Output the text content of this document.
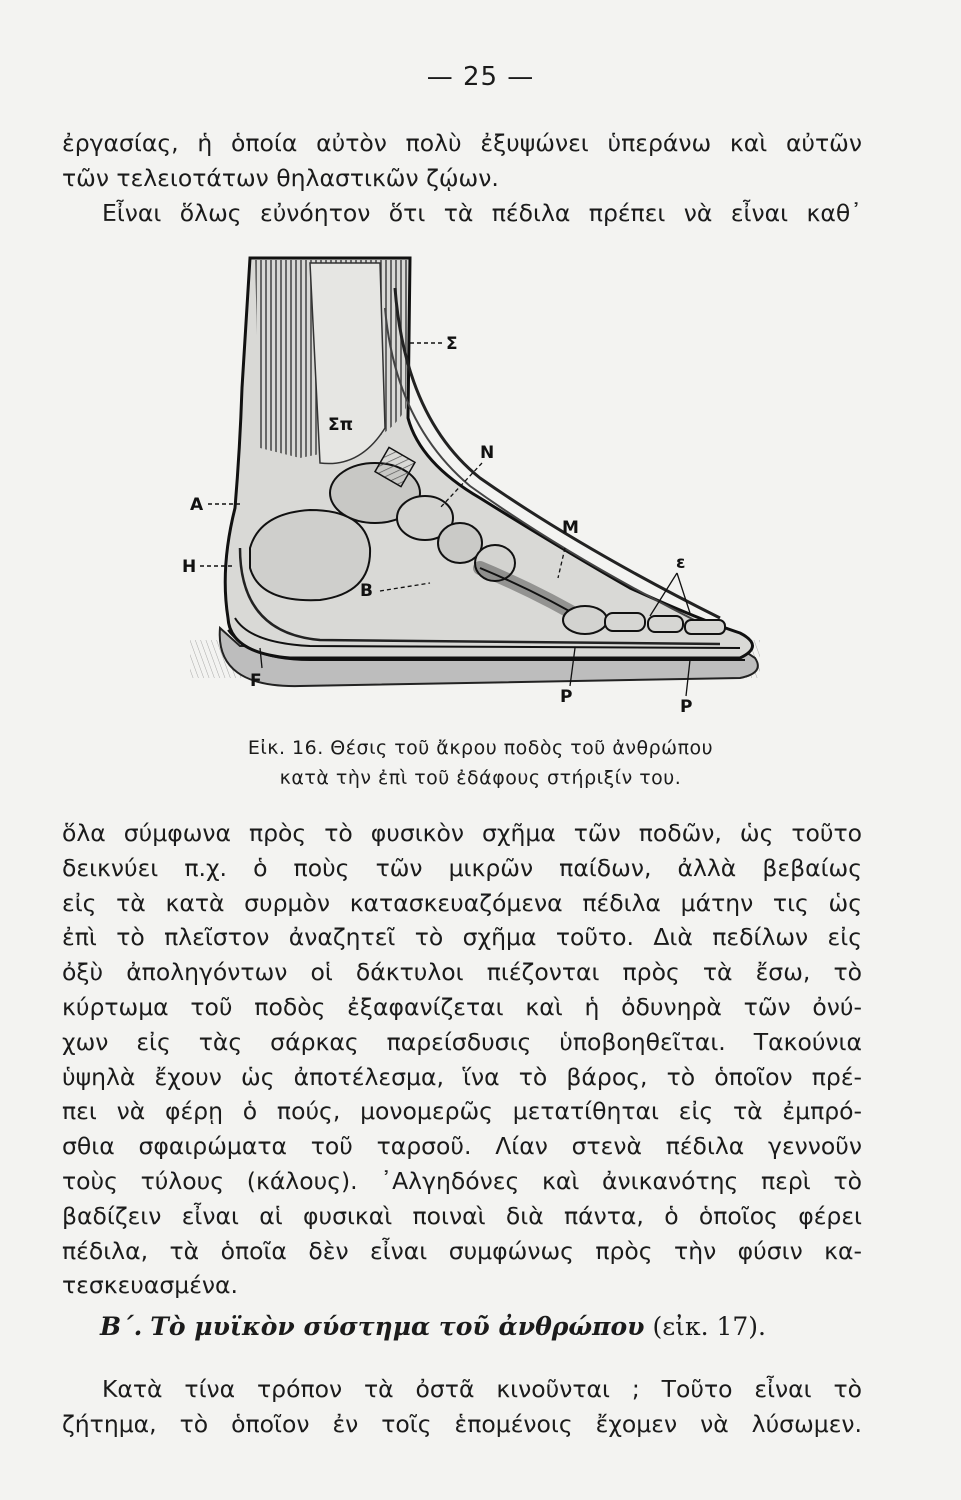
— 25 —
ἐργασίας, ἡ ὁποία αὐτὸν πολὺ ἐξυψώνει ὑπεράνω καὶ αὐτῶν
τῶν τελειοτάτων θηλαστικῶν ζῴων.
Εἶναι ὅλως εὐνόητον ὅτι τὰ πέδιλα πρέπει νὰ εἶναι καθ᾽
Σ
Σπ
Ν
Μ
ε
A
Η
B
F
P	P
Εἰκ. 16. Θέσις τοῦ ἄκρου ποδὸς τοῦ ἀνθρώπου
κατὰ τὴν ἐπὶ τοῦ ἐδάφους στήριξίν του.
ὅλα σύμφωνα πρὸς τὸ φυσικὸν σχῆμα τῶν ποδῶν, ὡς τοῦτο
δεικνύει π.χ. ὁ ποὺς τῶν μικρῶν παίδων, ἀλλὰ βεβαίως
εἰς τὰ κατὰ συρμὸν κατασκευαζόμενα πέδιλα μάτην τις ὡς
ἐπὶ τὸ πλεῖστον ἀναζητεῖ τὸ σχῆμα τοῦτο. Διὰ πεδίλων εἰς
ὀξὺ ἀποληγόντων οἱ δάκτυλοι πιέζονται πρὸς τὰ ἔσω, τὸ
κύρτωμα τοῦ ποδὸς ἐξαφανίζεται καὶ ἡ ὀδυνηρὰ τῶν ὀνύ-
χων εἰς τὰς σάρκας παρείσδυσις ὑποβοηθεῖται. Τακούνια
ὑψηλὰ ἔχουν ὡς ἀποτέλεσμα, ἵνα τὸ βάρος, τὸ ὁποῖον πρέ-
πει νὰ φέρῃ ὁ πούς, μονομερῶς μετατίθηται εἰς τὰ ἐμπρό-
σθια σφαιρώματα τοῦ ταρσοῦ. Λίαν στενὰ πέδιλα γεννοῦν
τοὺς τύλους (κάλους). ᾽Αλγηδόνες καὶ ἀνικανότης περὶ τὸ
βαδίζειν εἶναι αἱ φυσικαὶ ποιναὶ διὰ πάντα, ὁ ὁποῖος φέρει
πέδιλα, τὰ ὁποῖα δὲν εἶναι συμφώνως πρὸς τὴν φύσιν κα-
τεσκευασμένα.
Β΄. Τὸ μυϊκὸν σύστημα τοῦ ἀνθρώπου (εἰκ. 17).
Κατὰ τίνα τρόπον τὰ ὀστᾶ κινοῦνται ; Τοῦτο εἶναι τὸ
ζήτημα, τὸ ὁποῖον ἐν τοῖς ἑπομένοις ἔχομεν νὰ λύσωμεν.
